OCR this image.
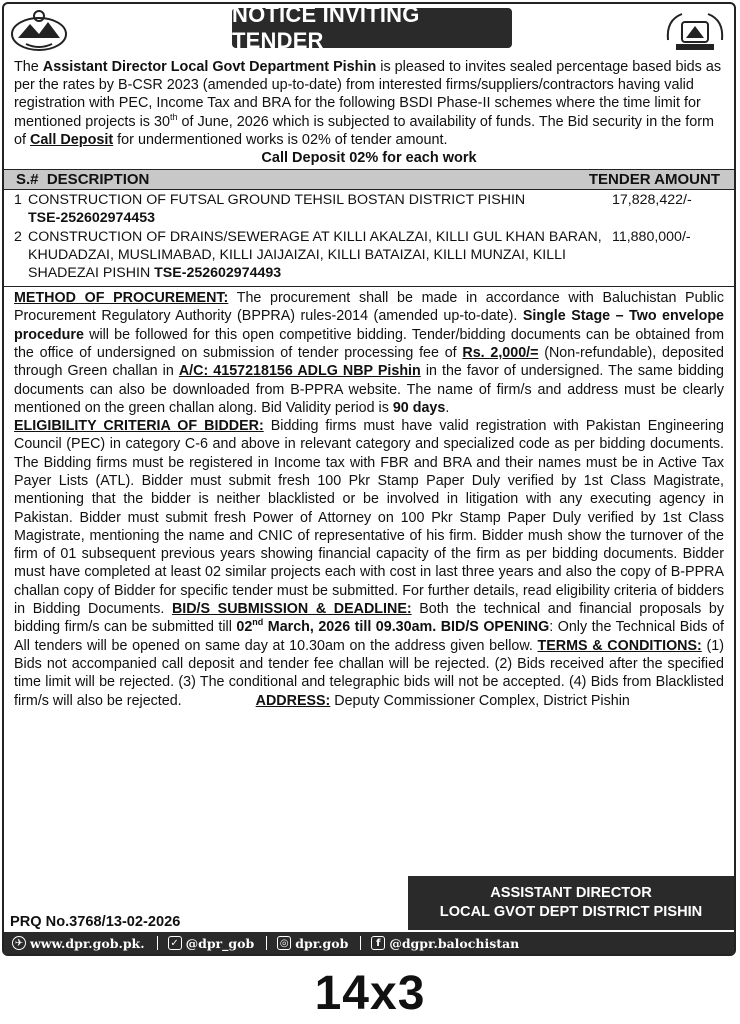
NOTICE INVITING TENDER
The Assistant Director Local Govt Department Pishin is pleased to invites sealed percentage based bids as per the rates by B-CSR 2023 (amended up-to-date) from interested firms/suppliers/contractors having valid registration with PEC, Income Tax and BRA for the following BSDI Phase-II schemes where the time limit for mentioned projects is 30th of June, 2026 which is subjected to availability of funds. The Bid security in the form of Call Deposit for undermentioned works is 02% of tender amount.
Call Deposit 02% for each work
S.#  DESCRIPTION	TENDER AMOUNT
1 CONSTRUCTION OF FUTSAL GROUND TEHSIL BOSTAN DISTRICT PISHIN
TSE-252602974453
17,828,422/-
2 CONSTRUCTION OF DRAINS/SEWERAGE AT KILLI AKALZAI, KILLI GUL KHAN BARAN, KHUDADZAI, MUSLIMABAD, KILLI JAIJAIZAI, KILLI BATAIZAI, KILLI MUNZAI, KILLI SHADEZAI PISHIN TSE-252602974493
11,880,000/-
METHOD OF PROCUREMENT: The procurement shall be made in accordance with Baluchistan Public Procurement Regulatory Authority (BPPRA) rules-2014 (amended up-to-date). Single Stage – Two envelope procedure will be followed for this open competitive bidding. Tender/bidding documents can be obtained from the office of undersigned on submission of tender processing fee of Rs. 2,000/= (Non-refundable), deposited through Green challan in A/C: 4157218156 ADLG NBP Pishin in the favor of undersigned. The same bidding documents can also be downloaded from B-PPRA website. The name of firm/s and address must be clearly mentioned on the green challan along. Bid Validity period is 90 days.
ELIGIBILITY CRITERIA OF BIDDER: Bidding firms must have valid registration with Pakistan Engineering Council (PEC) in category C-6 and above in relevant category and specialized code as per bidding documents. The Bidding firms must be registered in Income tax with FBR and BRA and their names must be in Active Tax Payer Lists (ATL). Bidder must submit fresh 100 Pkr Stamp Paper Duly verified by 1st Class Magistrate, mentioning that the bidder is neither blacklisted or be involved in litigation with any executing agency in Pakistan. Bidder must submit fresh Power of Attorney on 100 Pkr Stamp Paper Duly verified by 1st Class Magistrate, mentioning the name and CNIC of representative of his firm. Bidder mush show the turnover of the firm of 01 subsequent previous years showing financial capacity of the firm as per bidding documents. Bidder must have completed at least 02 similar projects each with cost in last three years and also the copy of B-PPRA challan copy of Bidder for specific tender must be submitted. For further details, read eligibility criteria of bidders in Bidding Documents. BID/S SUBMISSION & DEADLINE: Both the technical and financial proposals by bidding firm/s can be submitted till 02nd March, 2026 till 09.30am. BID/S OPENING: Only the Technical Bids of All tenders will be opened on same day at 10.30am on the address given bellow. TERMS & CONDITIONS: (1) Bids not accompanied call deposit and tender fee challan will be rejected. (2) Bids received after the specified time limit will be rejected. (3) The conditional and telegraphic bids will not be accepted. (4) Bids from Blacklisted firm/s will also be rejected.	ADDRESS: Deputy Commissioner Complex, District Pishin
ASSISTANT DIRECTOR
LOCAL GVOT DEPT DISTRICT PISHIN
PRQ No.3768/13-02-2026
✈ www.dpr.gob.pk.	✓ @dpr_gob	◎ dpr.gob	f @dgpr.balochistan
14x3
